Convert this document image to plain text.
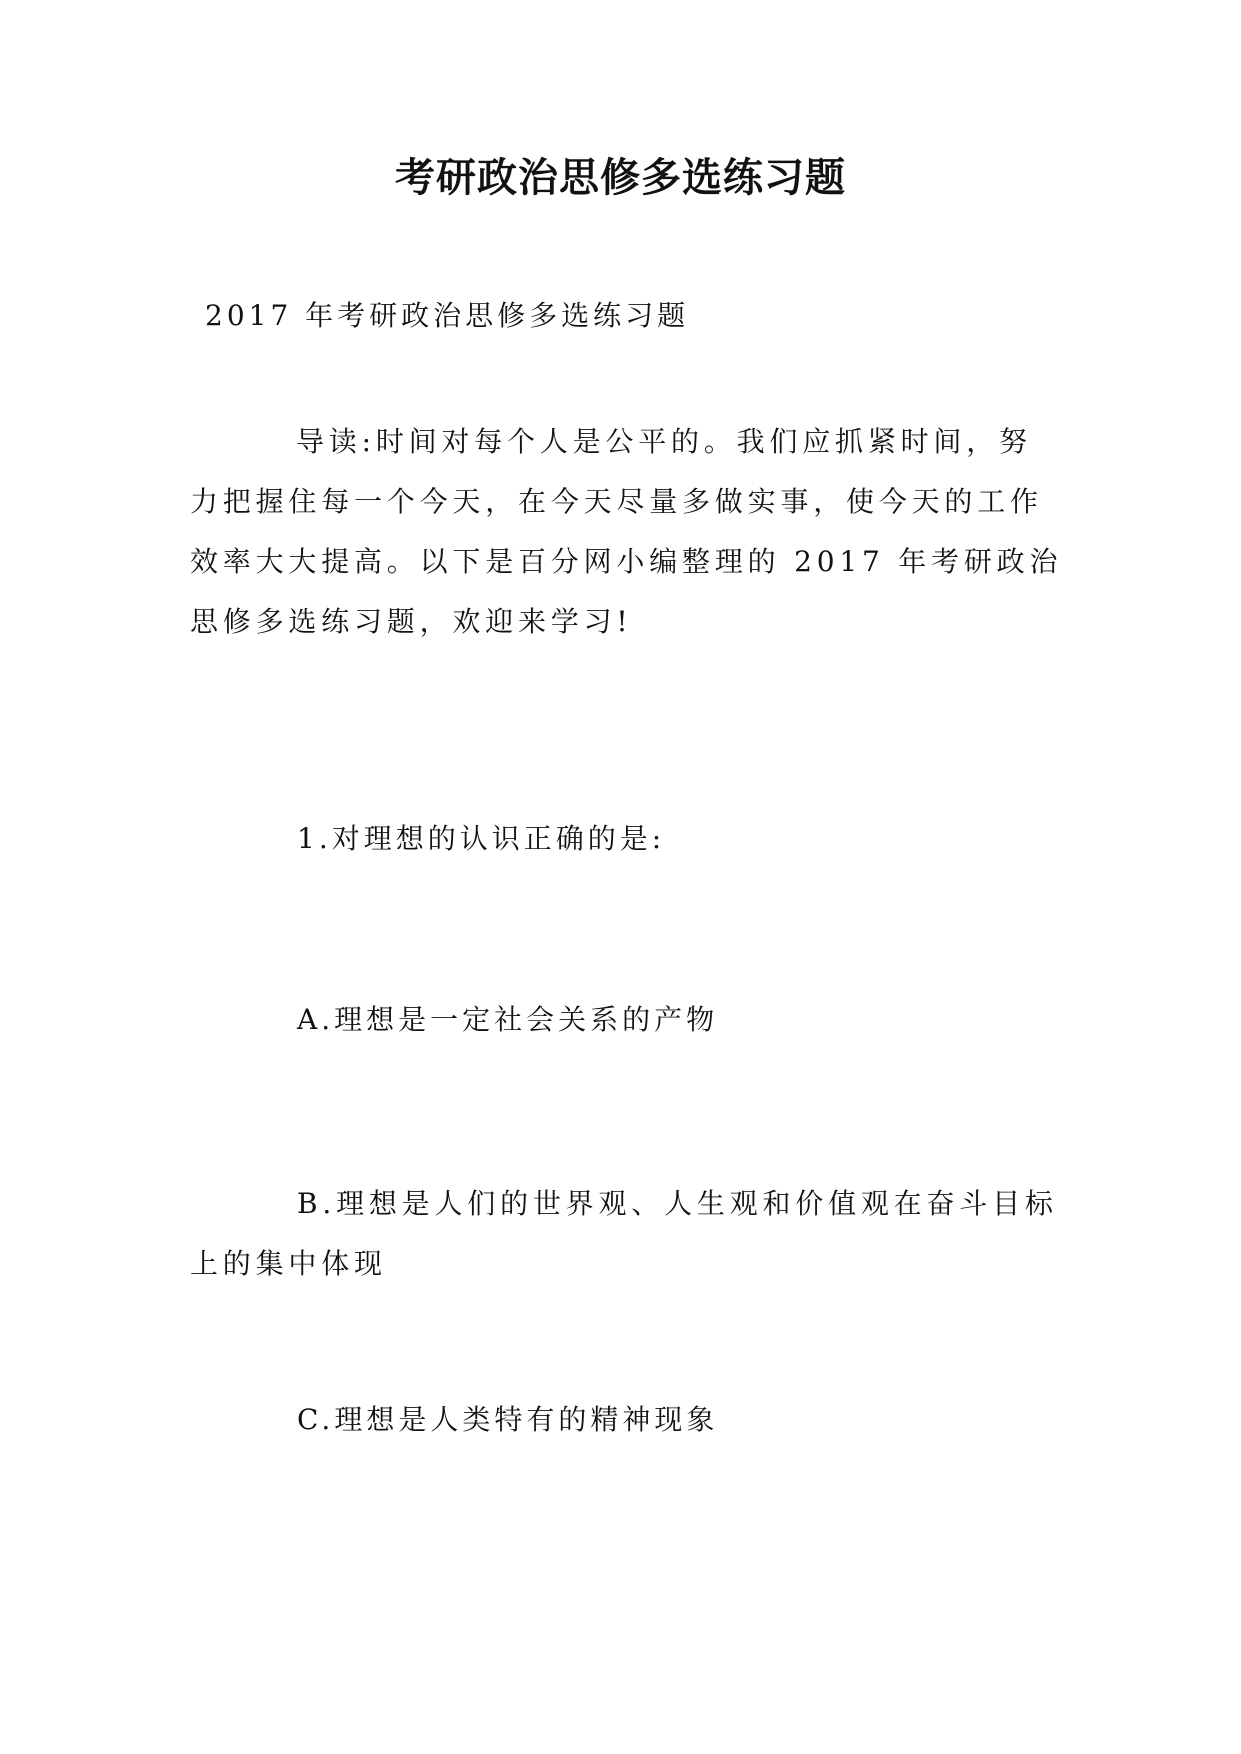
考研政治思修多选练习题
2017 年考研政治思修多选练习题
导读:时间对每个人是公平的。我们应抓紧时间，努
力把握住每一个今天，在今天尽量多做实事，使今天的工作
效率大大提高。以下是百分网小编整理的 2017 年考研政治
思修多选练习题，欢迎来学习!
1.对理想的认识正确的是:
A.理想是一定社会关系的产物
B.理想是人们的世界观、人生观和价值观在奋斗目标
上的集中体现
C.理想是人类特有的精神现象
